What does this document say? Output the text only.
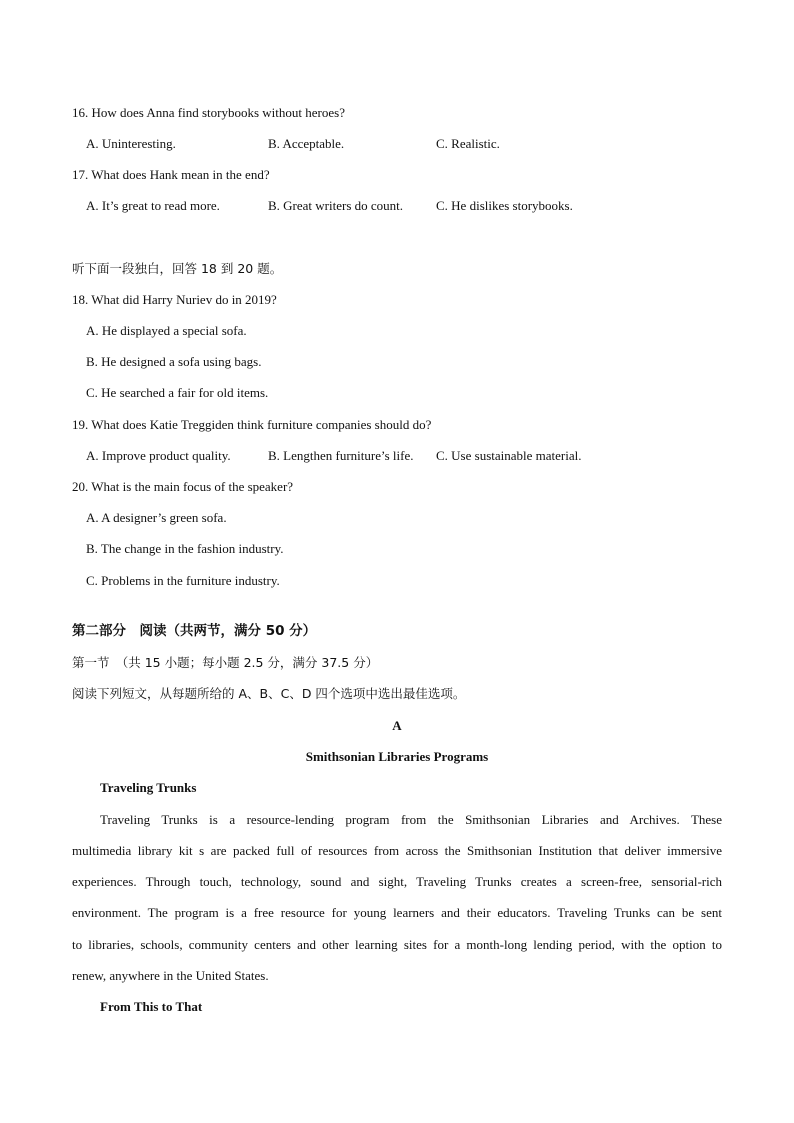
16. How does Anna find storybooks without heroes?
A. Uninteresting.	B. Acceptable.	C. Realistic.
17. What does Hank mean in the end?
A. It’s great to read more.	B. Great writers do count.	C. He dislikes storybooks.
听下面一段独白，回答 18 到 20 题。
18. What did Harry Nuriev do in 2019?
A. He displayed a special sofa.
B. He designed a sofa using bags.
C. He searched a fair for old items.
19. What does Katie Treggiden think furniture companies should do?
A. Improve product quality.	B. Lengthen furniture’s life. C. Use sustainable material.
20. What is the main focus of the speaker?
A. A designer’s green sofa.
B. The change in the fashion industry.
C. Problems in the furniture industry.
第二部分　阅读（共两节，满分 50 分）
第一节　（共 15 小题；每小题 2.5 分，满分 37.5 分）
阅读下列短文，从每题所给的 A、B、C、D 四个选项中选出最佳选项。
A
Smithsonian Libraries Programs
Traveling Trunks
Traveling Trunks is a resource-lending program from the Smithsonian Libraries and Archives. These
multimedia library kit s are packed full of resources from across the Smithsonian Institution that deliver immersive
experiences. Through touch, technology, sound and sight, Traveling Trunks creates a screen-free, sensorial-rich
environment. The program is a free resource for young learners and their educators. Traveling Trunks can be sent
to libraries, schools, community centers and other learning sites for a month-long lending period, with the option to
renew, anywhere in the United States.
From This to That
